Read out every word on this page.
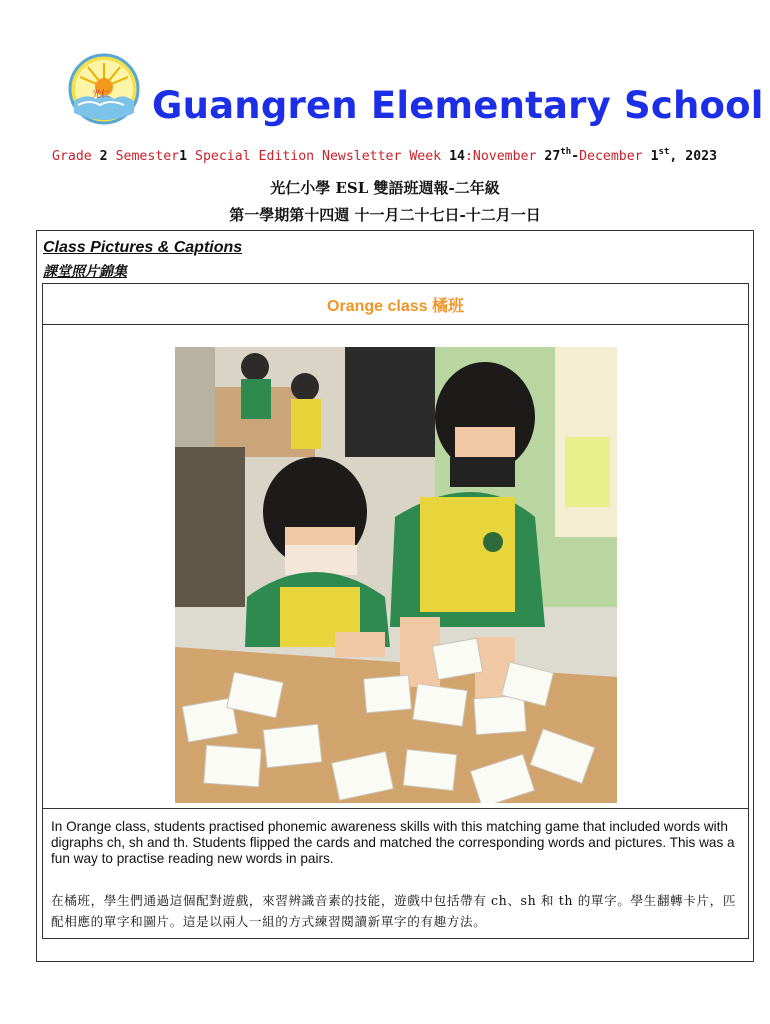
光仁 Guangren Elementary School
Grade 2 Semester1 Special Edition Newsletter Week 14:November 27th-December 1st, 2023
光仁小學 ESL 雙語班週報-二年級
第一學期第十四週 十一月二十七日-十二月一日
Class Pictures & Captions
課堂照片錦集
Orange class 橘班
In Orange class, students practised phonemic awareness skills with this matching game that included words with digraphs ch, sh and th. Students flipped the cards and matched the corresponding words and pictures. This was a fun way to practise reading new words in pairs.
在橘班，學生們通過這個配對遊戲，來習辨識音素的技能，遊戲中包括帶有 ch、sh 和 th 的單字。學生翻轉卡片，匹配相應的單字和圖片。這是以兩人一組的方式練習閱讀新單字的有趣方法。
